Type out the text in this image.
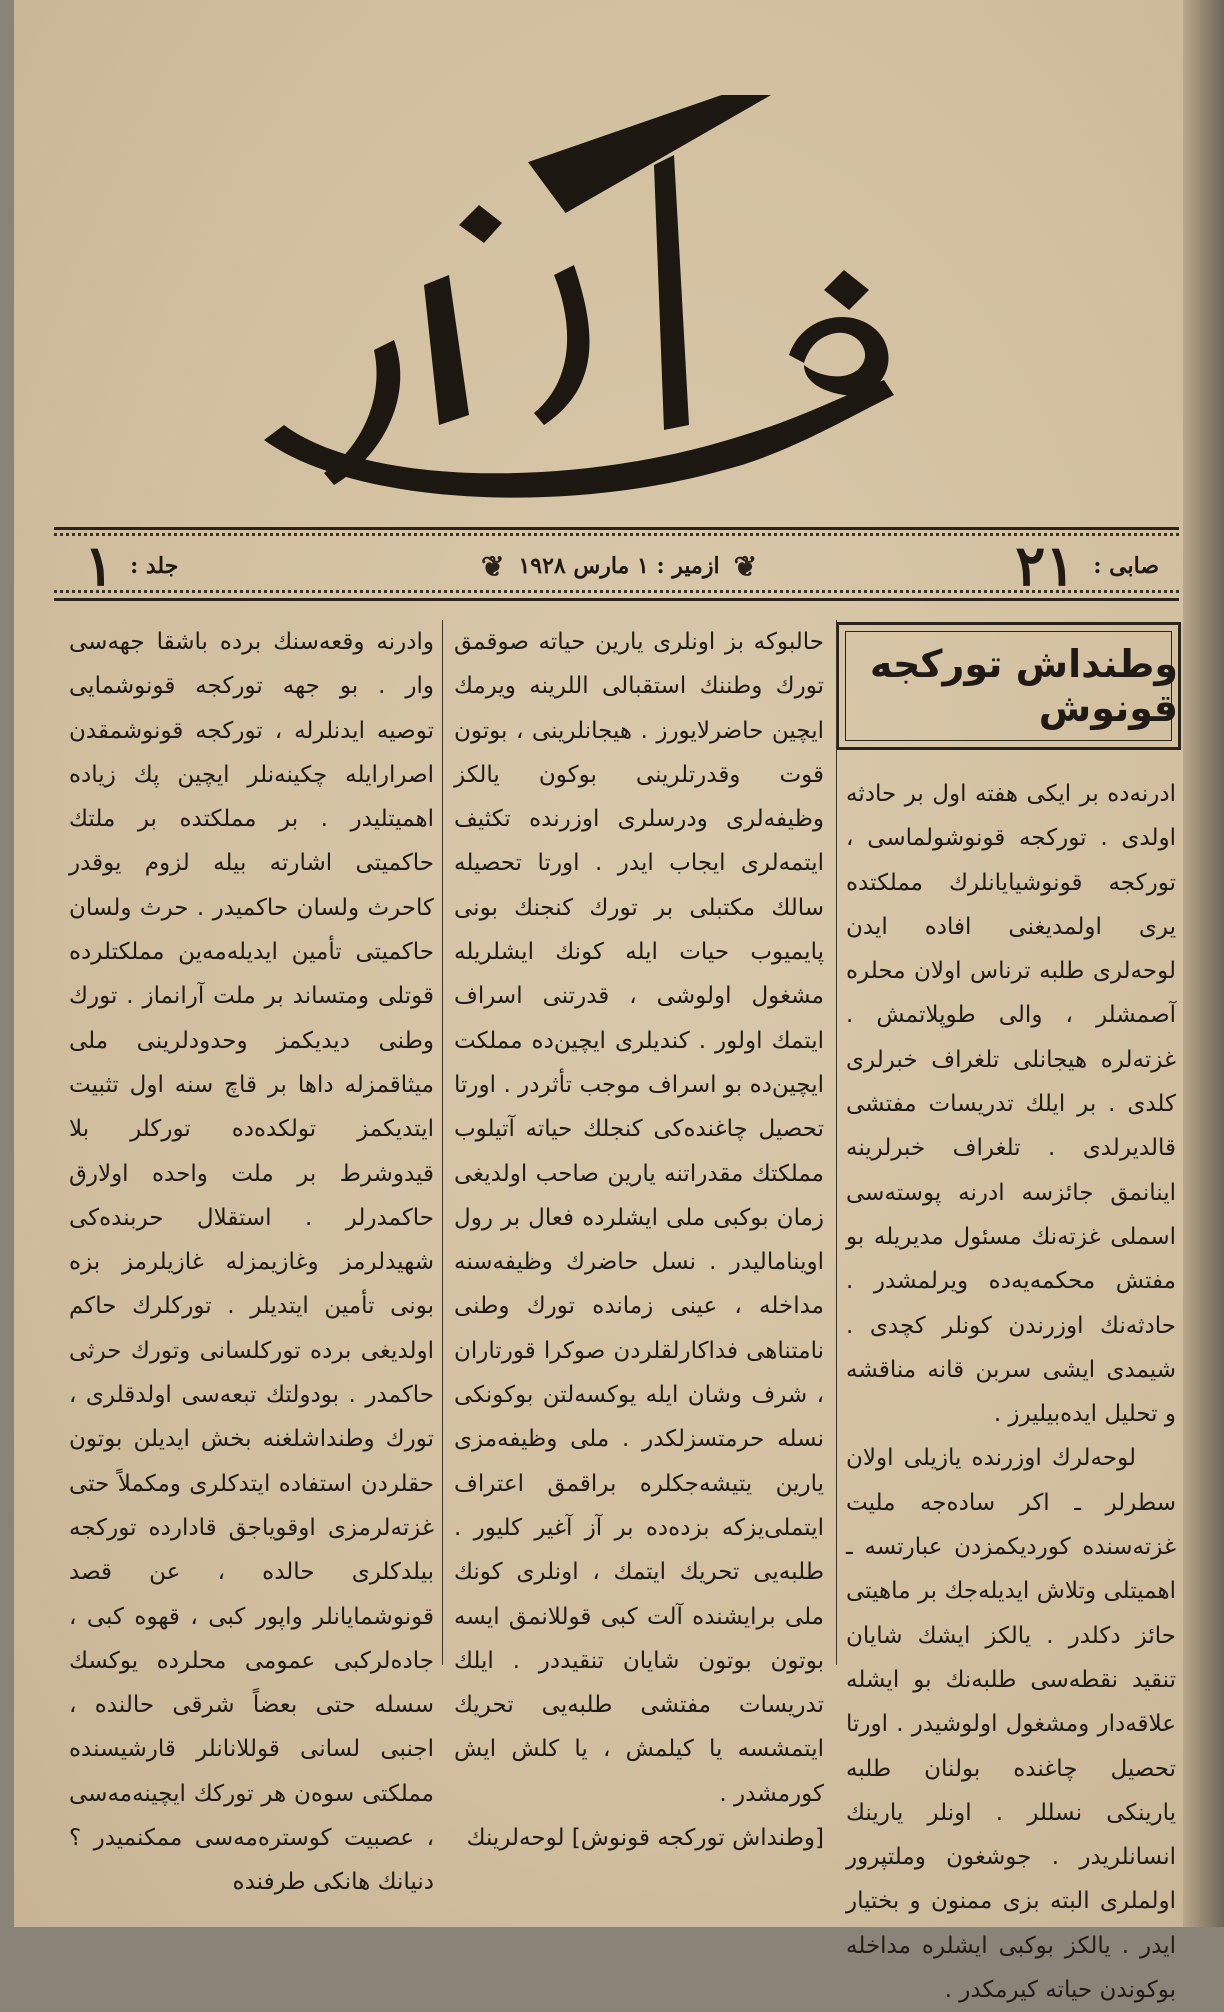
صابی :
۲۱
❦
ازمیر : ۱ مارس ۱۹۲۸
❦
جلد :
۱
وطنداش تورکجه قونوش

ادرنه‌ده بر ایکی هفته اول بر حادثه اولدی . تورکجه قونوشولماسی ، تورکجه قونوشیایانلرك مملکتده یری اولمدیغنی افاده ایدن لوحه‌لری طلبه ترناس اولان محلره آصمشلر ، والی طوپلاتمش . غزته‌لره هیجانلی تلغراف خبرلری کلدی . بر ایلك تدریسات مفتشی قالدیرلدی . تلغراف خبرلرینه اینانمق جائزسه ادرنه پوسته‌سی اسملی غزته‌نك مسئول مدیریله بو مفتش محکمه‌یه‌ده ویرلمشدر . حادثه‌نك اوزرندن کونلر کچدی . شیمدی ایشی سربن قانه مناقشه و تحلیل ایده‌بیلیرز .

لوحه‌لرك اوزرنده یازیلی اولان سطرلر ـ اکر ساده‌جه ملیت غزته‌سنده کوردیکمزدن عبارتسه ـ اهمیتلی وتلاش ایدیله‌جك بر ماهیتی حائز دکلدر . یالکز ایشك شایان تنقید نقطه‌سی طلبه‌نك بو ایشله علاقه‌دار ومشغول اولوشیدر . اورتا تحصیل چاغنده بولنان طلبه یارینکی نسللر . اونلر یارینك انسانلریدر . جوشغون وملتپرور اولملری البته بزی ممنون و بختیار ایدر . یالکز بوکبی ایشلره مداخله بوکوندن حیاته کیرمکدر .

حالبوکه بز اونلری یارین حیاته صوقمق تورك وطننك استقبالی اللرینه ویرمك ایچین حاضرلایورز . هیجانلرینی ، بوتون قوت وقدرتلرینی بوکون یالکز وظیفه‌لری ودرسلری اوزرنده تکثیف ایتمه‌لری ایجاب ایدر . اورتا تحصیله سالك مکتبلی بر تورك کنجنك بونی پایمیوب حیات ایله کونك ایشلریله مشغول اولوشی ، قدرتنی اسراف ایتمك اولور . کندیلری ایچین‌ده مملکت ایچین‌ده بو اسراف موجب تأثردر . اورتا تحصیل چاغنده‌کی کنجلك حیاته آتیلوب مملکتك مقدراتنه یارین صاحب اولدیغی زمان بوکبی ملی ایشلرده فعال بر رول اوینامالیدر . نسل حاضرك وظیفه‌سنه مداخله ، عینی زمانده تورك وطنی نامتناهی فداکارلقلردن صوکرا قورتاران ، شرف وشان ایله یوکسه‌لتن بوکونکی نسله حرمتسزلکدر . ملی وظیفه‌مزی یارین یتیشه‌جکلره براقمق اعتراف ایتملی‌یزکه بزده‌ده بر آز آغیر کلیور . طلبه‌یی تحریك ایتمك ، اونلری کونك ملی برایشنده آلت کبی قوللانمق ایسه بوتون بوتون شایان تنقیددر . ایلك تدریسات مفتشی طلبه‌یی تحریك ایتمشسه یا کیلمش ، یا کلش ایش کورمشدر .

[وطنداش تورکجه قونوش] لوحه‌لرینك

وادرنه وقعه‌سنك برده باشقا جهه‌سی وار . بو جهه تورکجه قونوشمایی توصیه ایدنلرله ، تورکجه قونوشمقدن اصرارایله چکینه‌نلر ایچین پك زیاده اهمیتلیدر . بر مملکتده بر ملتك حاکمیتی اشارته بیله لزوم یوقدر کاحرث ولسان حاکمیدر . حرث ولسان حاکمیتی تأمین ایدیله‌مه‌ین مملکتلرده قوتلی ومتساند بر ملت آرانماز . تورك وطنی دیدیکمز وحدودلرینی ملی میثاقمزله داها بر قاچ سنه اول تثبیت ایتدیکمز تولکده‌ده تورکلر بلا قیدوشرط بر ملت واحده اولارق حاکمدرلر . استقلال حربنده‌کی شهیدلرمز وغازیمزله غازیلرمز بزه بونی تأمین ایتدیلر . تورکلرك حاکم اولدیغی برده تورکلسانی وتورك حرثی حاکمدر . بودولتك تبعه‌سی اولدقلری ، تورك وطنداشلغنه بخش ایدیلن بوتون حقلردن استفاده ایتدکلری ومکملاً حتی غزته‌لرمزی اوقویاجق قادارده تورکجه بیلدکلری حالده ، عن قصد قونوشمایانلر واپور کبی ، قهوه کبی ، جاده‌لرکبی عمومی محلرده یوکسك سسله حتی بعضاً شرقی حالنده ، اجنبی لسانی قوللانانلر قارشیسنده مملکتی سوه‌ن هر تورکك ایچینه‌مه‌سی ، عصبیت کوستره‌مه‌سی ممکنمیدر ؟ دنیانك هانکی طرفنده
